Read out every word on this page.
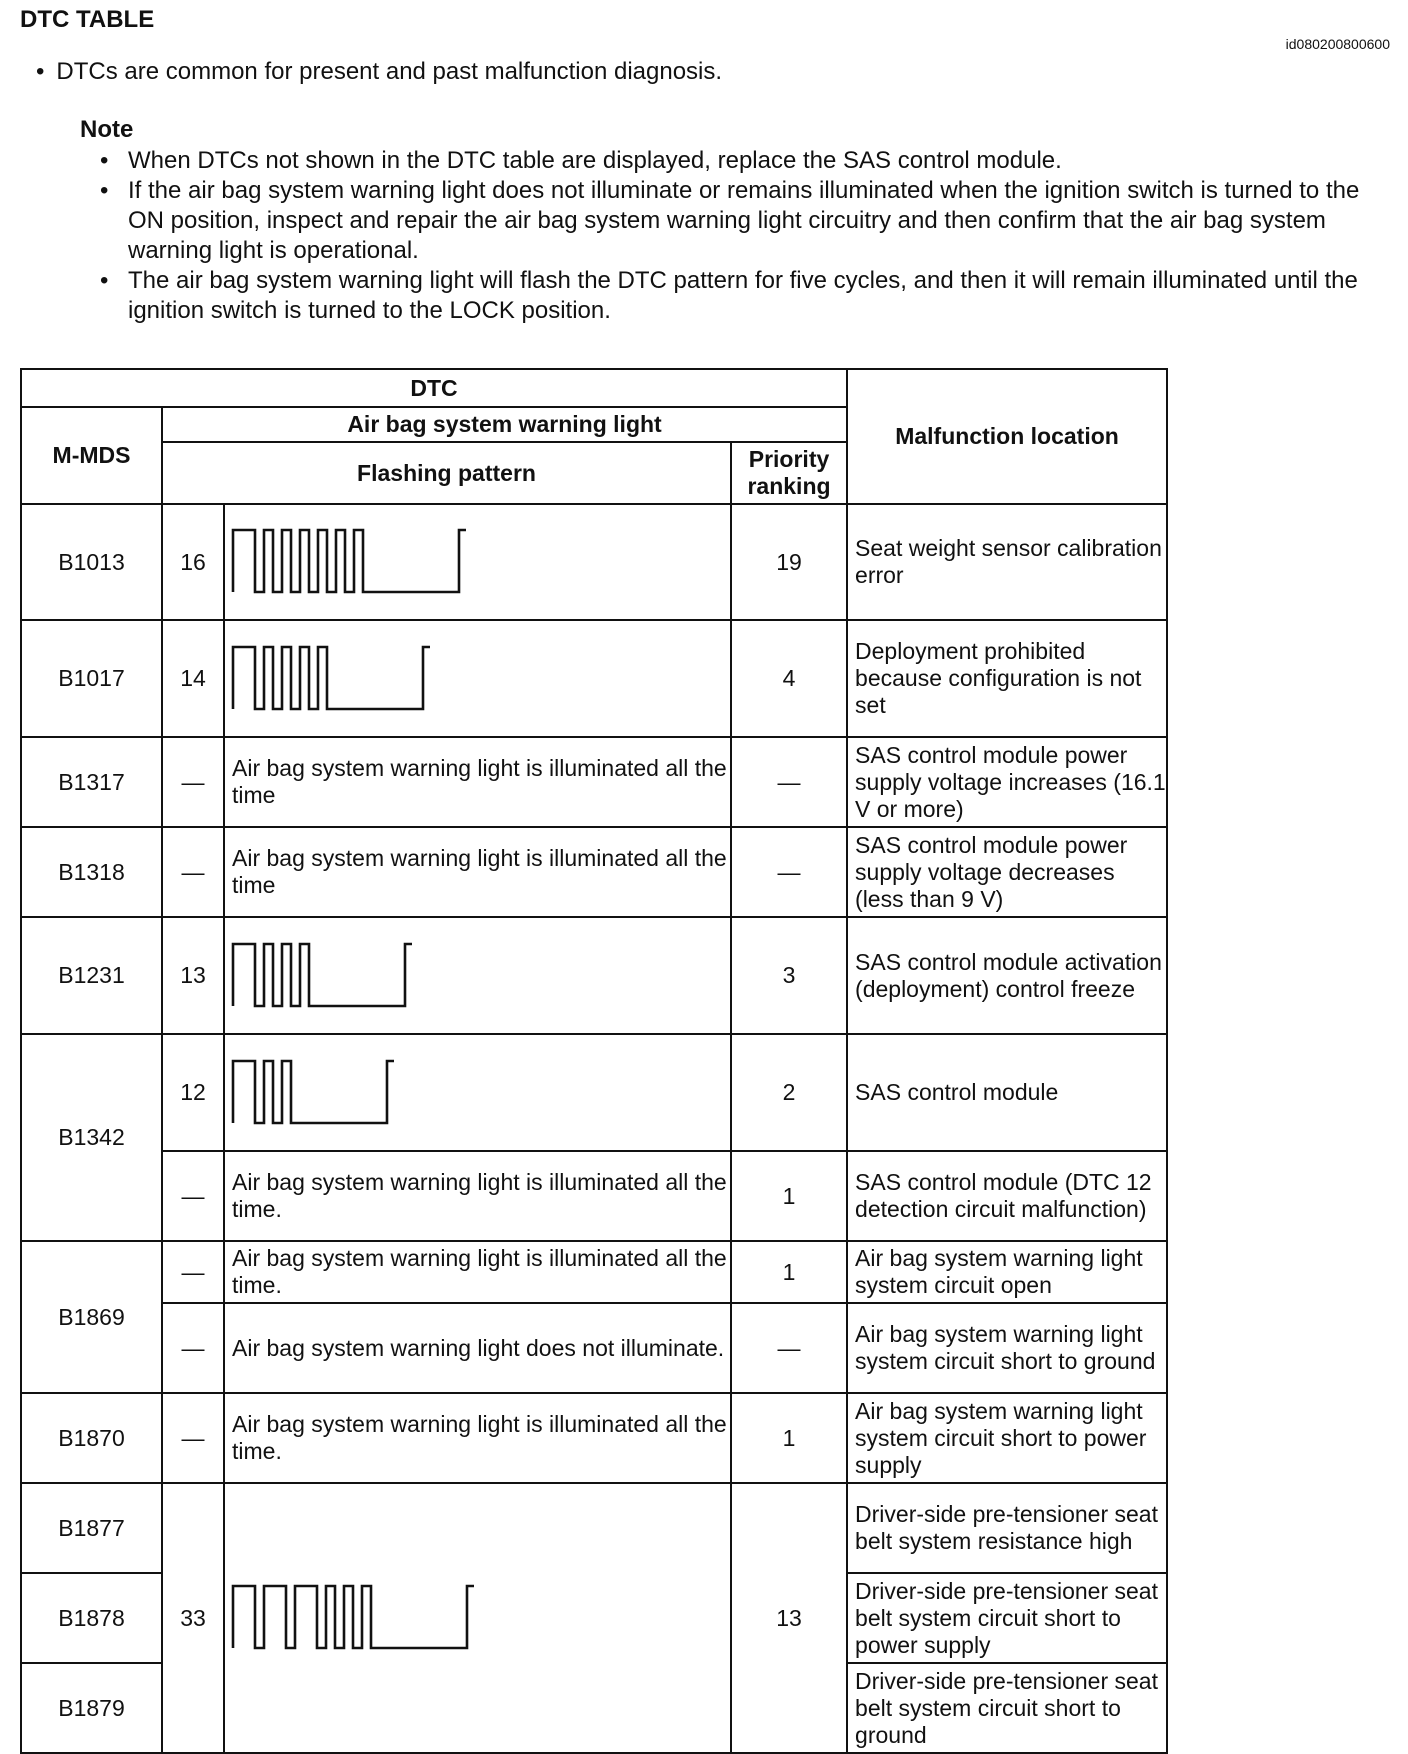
DTC TABLE
id080200800600
• DTCs are common for present and past malfunction diagnosis.
Note
• When DTCs not shown in the DTC table are displayed, replace the SAS control module.
• If the air bag system warning light does not illuminate or remains illuminated when the ignition switch is turned to the ON position, inspect and repair the air bag system warning light circuitry and then confirm that the air bag system warning light is operational.
• The air bag system warning light will flash the DTC pattern for five cycles, and then it will remain illuminated until the ignition switch is turned to the LOCK position.
DTC				Malfunction location
M-MDS	Air bag system warning light			
	Flashing pattern		Priority ranking	
B1013	16		19	Seat weight sensor calibration error
B1017	14		4	Deployment prohibited because configuration is not set
B1317	—	Air bag system warning light is illuminated all the time	—	SAS control module power supply voltage increases (16.1 V or more)
B1318	—	Air bag system warning light is illuminated all the time	—	SAS control module power supply voltage decreases (less than 9 V)
B1231	13		3	SAS control module activation (deployment) control freeze
B1342	12		2	SAS control module
	—	Air bag system warning light is illuminated all the time.	1	SAS control module (DTC 12 detection circuit malfunction)
B1869	—	Air bag system warning light is illuminated all the time.	1	Air bag system warning light system circuit open
	—	Air bag system warning light does not illuminate.	—	Air bag system warning light system circuit short to ground
B1870	—	Air bag system warning light is illuminated all the time.	1	Air bag system warning light system circuit short to power supply
B1877	33		13	Driver-side pre-tensioner seat belt system resistance high
B1878				Driver-side pre-tensioner seat belt system circuit short to power supply
B1879				Driver-side pre-tensioner seat belt system circuit short to ground
